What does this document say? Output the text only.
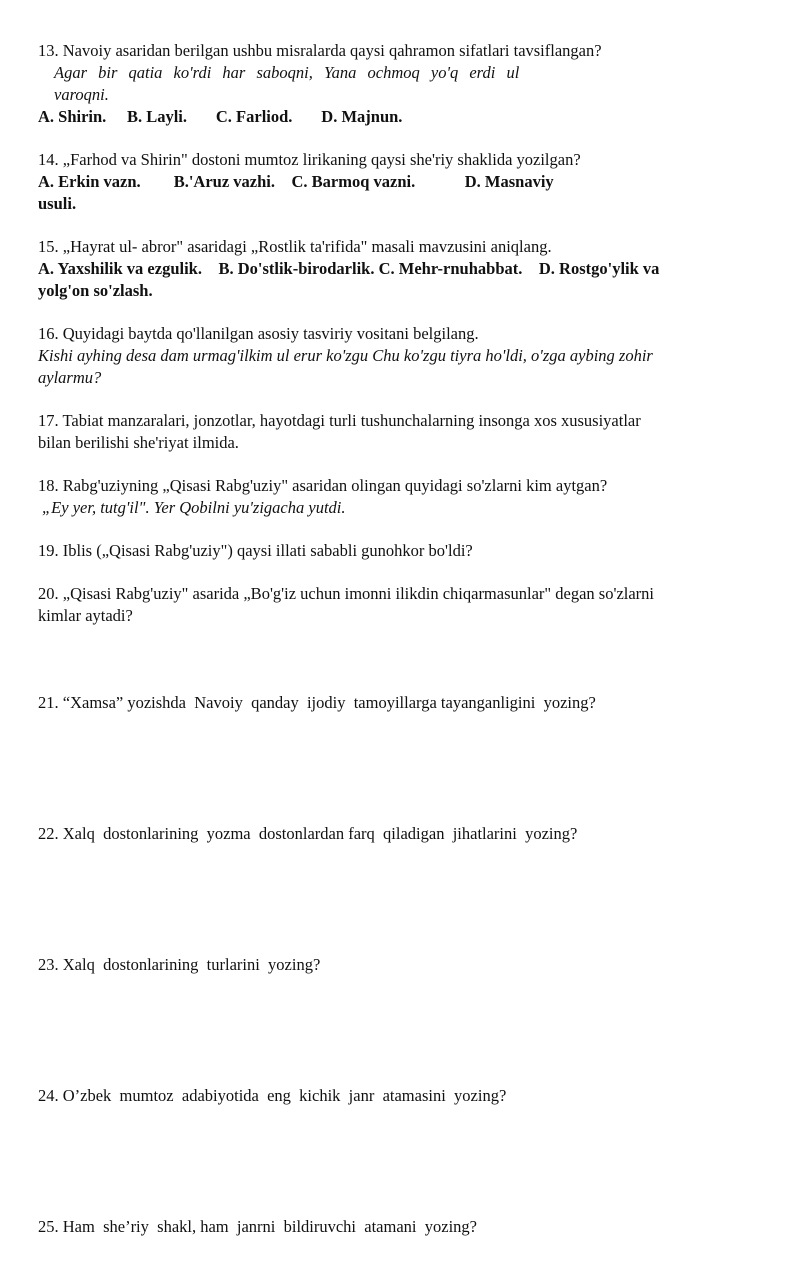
13. Navoiy asaridan berilgan ushbu misralarda qaysi qahramon sifatlari tavsiflangan?
Agar bir qatia ko'rdi har saboqni, Yana ochmoq yo'q erdi ul
varoqni.
A. Shirin. B. Layli. C. Farliod. D. Majnun.
14. „Farhod va Shirin" dostoni mumtoz lirikaning qaysi she'riy shaklida yozilgan?
A. Erkin vazn. B.'Aruz vazhi. C. Barmoq vazni.	D. Masnaviy
usuli.
15. „Hayrat ul- abror" asaridagi „Rostlik ta'rifida" masali mavzusini aniqlang.
A. Yaxshilik va ezgulik.    B. Do'stlik-birodarlik. C. Mehr-rnuhabbat.    D. Rostgo'ylik va
yolg'on so'zlash.
16. Quyidagi baytda qo'llanilgan asosiy tasviriy vositani belgilang.
Kishi ayhing desa dam urmag'ilkim ul erur ko'zgu Chu ko'zgu tiyra ho'ldi, o'zga aybing zohir
aylarmu?
17. Tabiat manzaralari, jonzotlar, hayotdagi turli tushunchalarning insonga xos xususiyatlar
bilan berilishi she'riyat ilmida.
18. Rabg'uziyning „Qisasi Rabg'uziy" asaridan olingan quyidagi so'zlarni kim aytgan?
„Ey yer, tutg'il". Yer Qobilni yu'zigacha yutdi.
19. Iblis („Qisasi Rabg'uziy") qaysi illati sababli gunohkor bo'ldi?
20. „Qisasi Rabg'uziy" asarida „Bo'g'iz uchun imonni ilikdin chiqarmasunlar" degan so'zlarni
kimlar aytadi?

21. “Xamsa” yozishda  Navoiy  qanday  ijodiy  tamoyillarga tayanganligini  yozing?

22. Xalq  dostonlarining  yozma  dostonlardan farq  qiladigan  jihatlarini  yozing?

23. Xalq  dostonlarining  turlarini  yozing?

24. O’zbek  mumtoz  adabiyotida  eng  kichik  janr  atamasini  yozing?

25. Ham  she’riy  shakl, ham  janrni  bildiruvchi  atamani  yozing?
